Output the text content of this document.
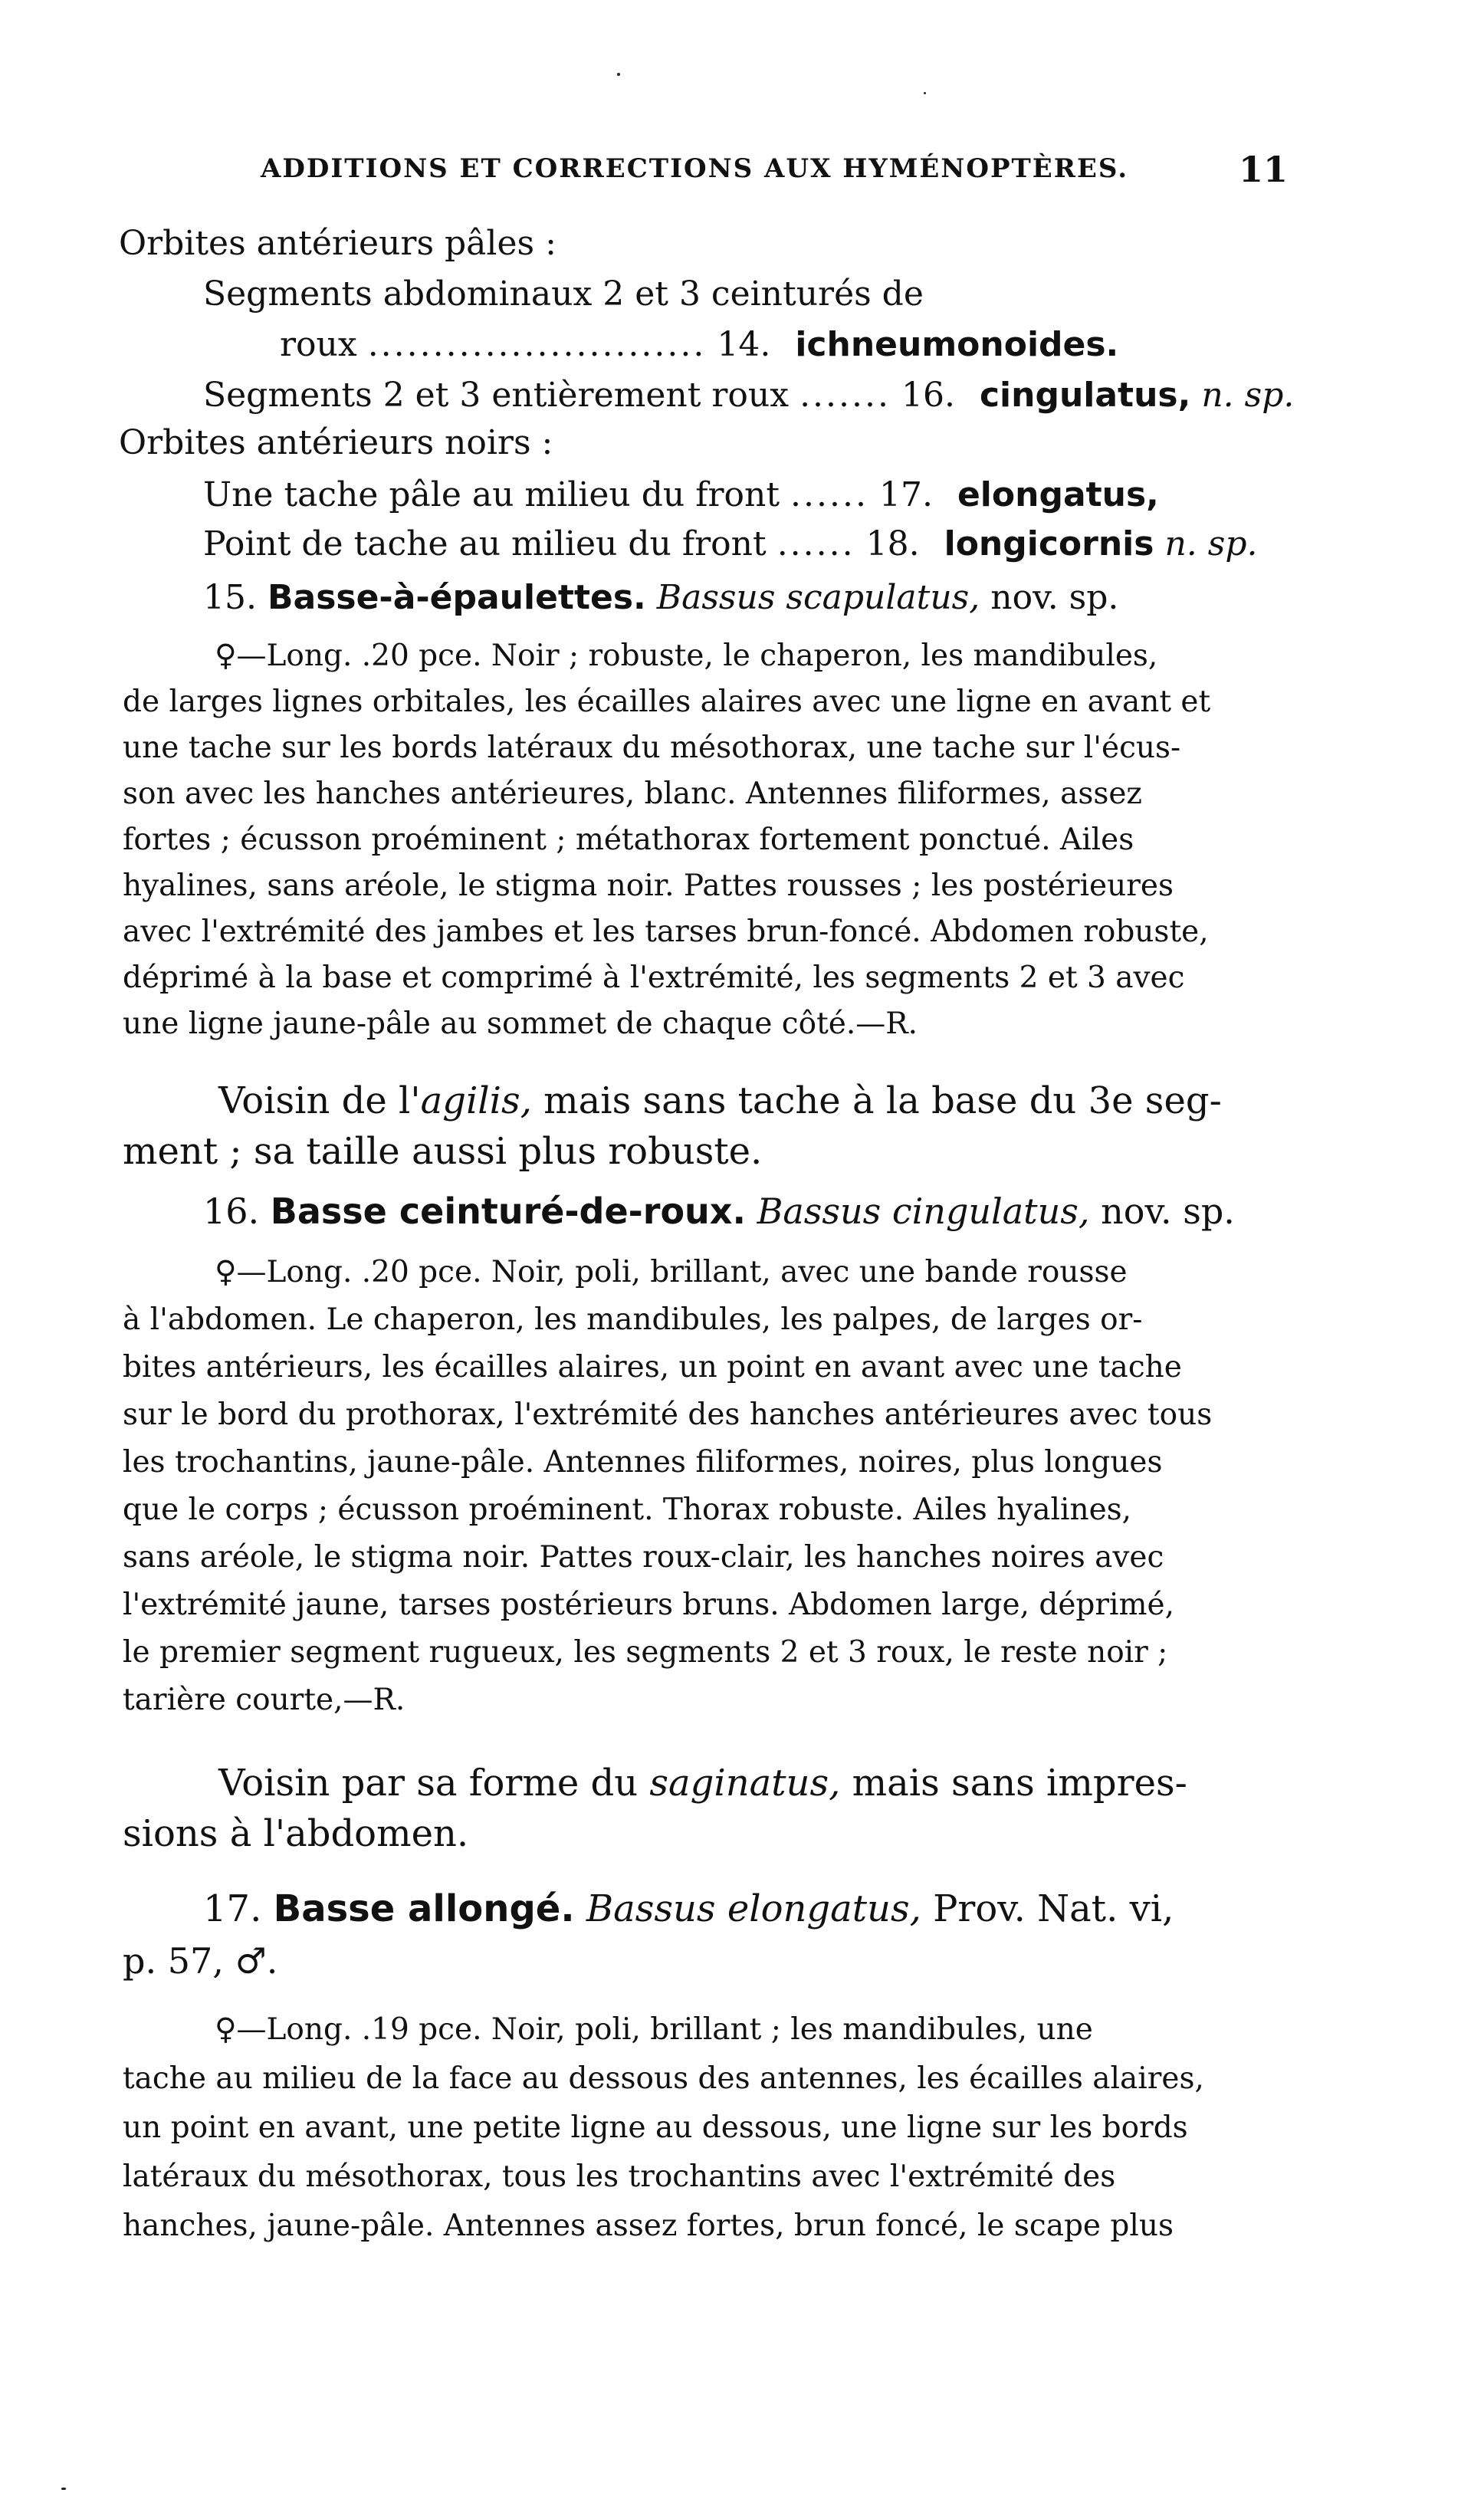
ADDITIONS ET CORRECTIONS AUX HYMÉNOPTÈRES.	11
Orbites antérieurs pâles :
Segments abdominaux 2 et 3 ceinturés de
roux .......................... 14. ichneumonoides.
Segments 2 et 3 entièrement roux ....... 16. cingulatus, n. sp.
Orbites antérieurs noirs :
Une tache pâle au milieu du front ...... 17. elongatus,
Point de tache au milieu du front ...... 18. longicornis n. sp.
15. Basse-à-épaulettes. Bassus scapulatus, nov. sp.
♀—Long. .20 pce. Noir ; robuste, le chaperon, les mandibules,
de larges lignes orbitales, les écailles alaires avec une ligne en avant et
une tache sur les bords latéraux du mésothorax, une tache sur l'écus-
son avec les hanches antérieures, blanc. Antennes filiformes, assez
fortes ; écusson proéminent ; métathorax fortement ponctué. Ailes
hyalines, sans aréole, le stigma noir. Pattes rousses ; les postérieures
avec l'extrémité des jambes et les tarses brun-foncé. Abdomen robuste,
déprimé à la base et comprimé à l'extrémité, les segments 2 et 3 avec
une ligne jaune-pâle au sommet de chaque côté.—R.
Voisin de l'agilis, mais sans tache à la base du 3e seg-
ment ; sa taille aussi plus robuste.
16. Basse ceinturé-de-roux. Bassus cingulatus, nov. sp.
♀—Long. .20 pce. Noir, poli, brillant, avec une bande rousse
à l'abdomen. Le chaperon, les mandibules, les palpes, de larges or-
bites antérieurs, les écailles alaires, un point en avant avec une tache
sur le bord du prothorax, l'extrémité des hanches antérieures avec tous
les trochantins, jaune-pâle. Antennes filiformes, noires, plus longues
que le corps ; écusson proéminent. Thorax robuste. Ailes hyalines,
sans aréole, le stigma noir. Pattes roux-clair, les hanches noires avec
l'extrémité jaune, tarses postérieurs bruns. Abdomen large, déprimé,
le premier segment rugueux, les segments 2 et 3 roux, le reste noir ;
tarière courte,—R.
Voisin par sa forme du saginatus, mais sans impres-
sions à l'abdomen.
17. Basse allongé. Bassus elongatus, Prov. Nat. vi,
p. 57, ♂.
♀—Long. .19 pce. Noir, poli, brillant ; les mandibules, une
tache au milieu de la face au dessous des antennes, les écailles alaires,
un point en avant, une petite ligne au dessous, une ligne sur les bords
latéraux du mésothorax, tous les trochantins avec l'extrémité des
hanches, jaune-pâle. Antennes assez fortes, brun foncé, le scape plus
